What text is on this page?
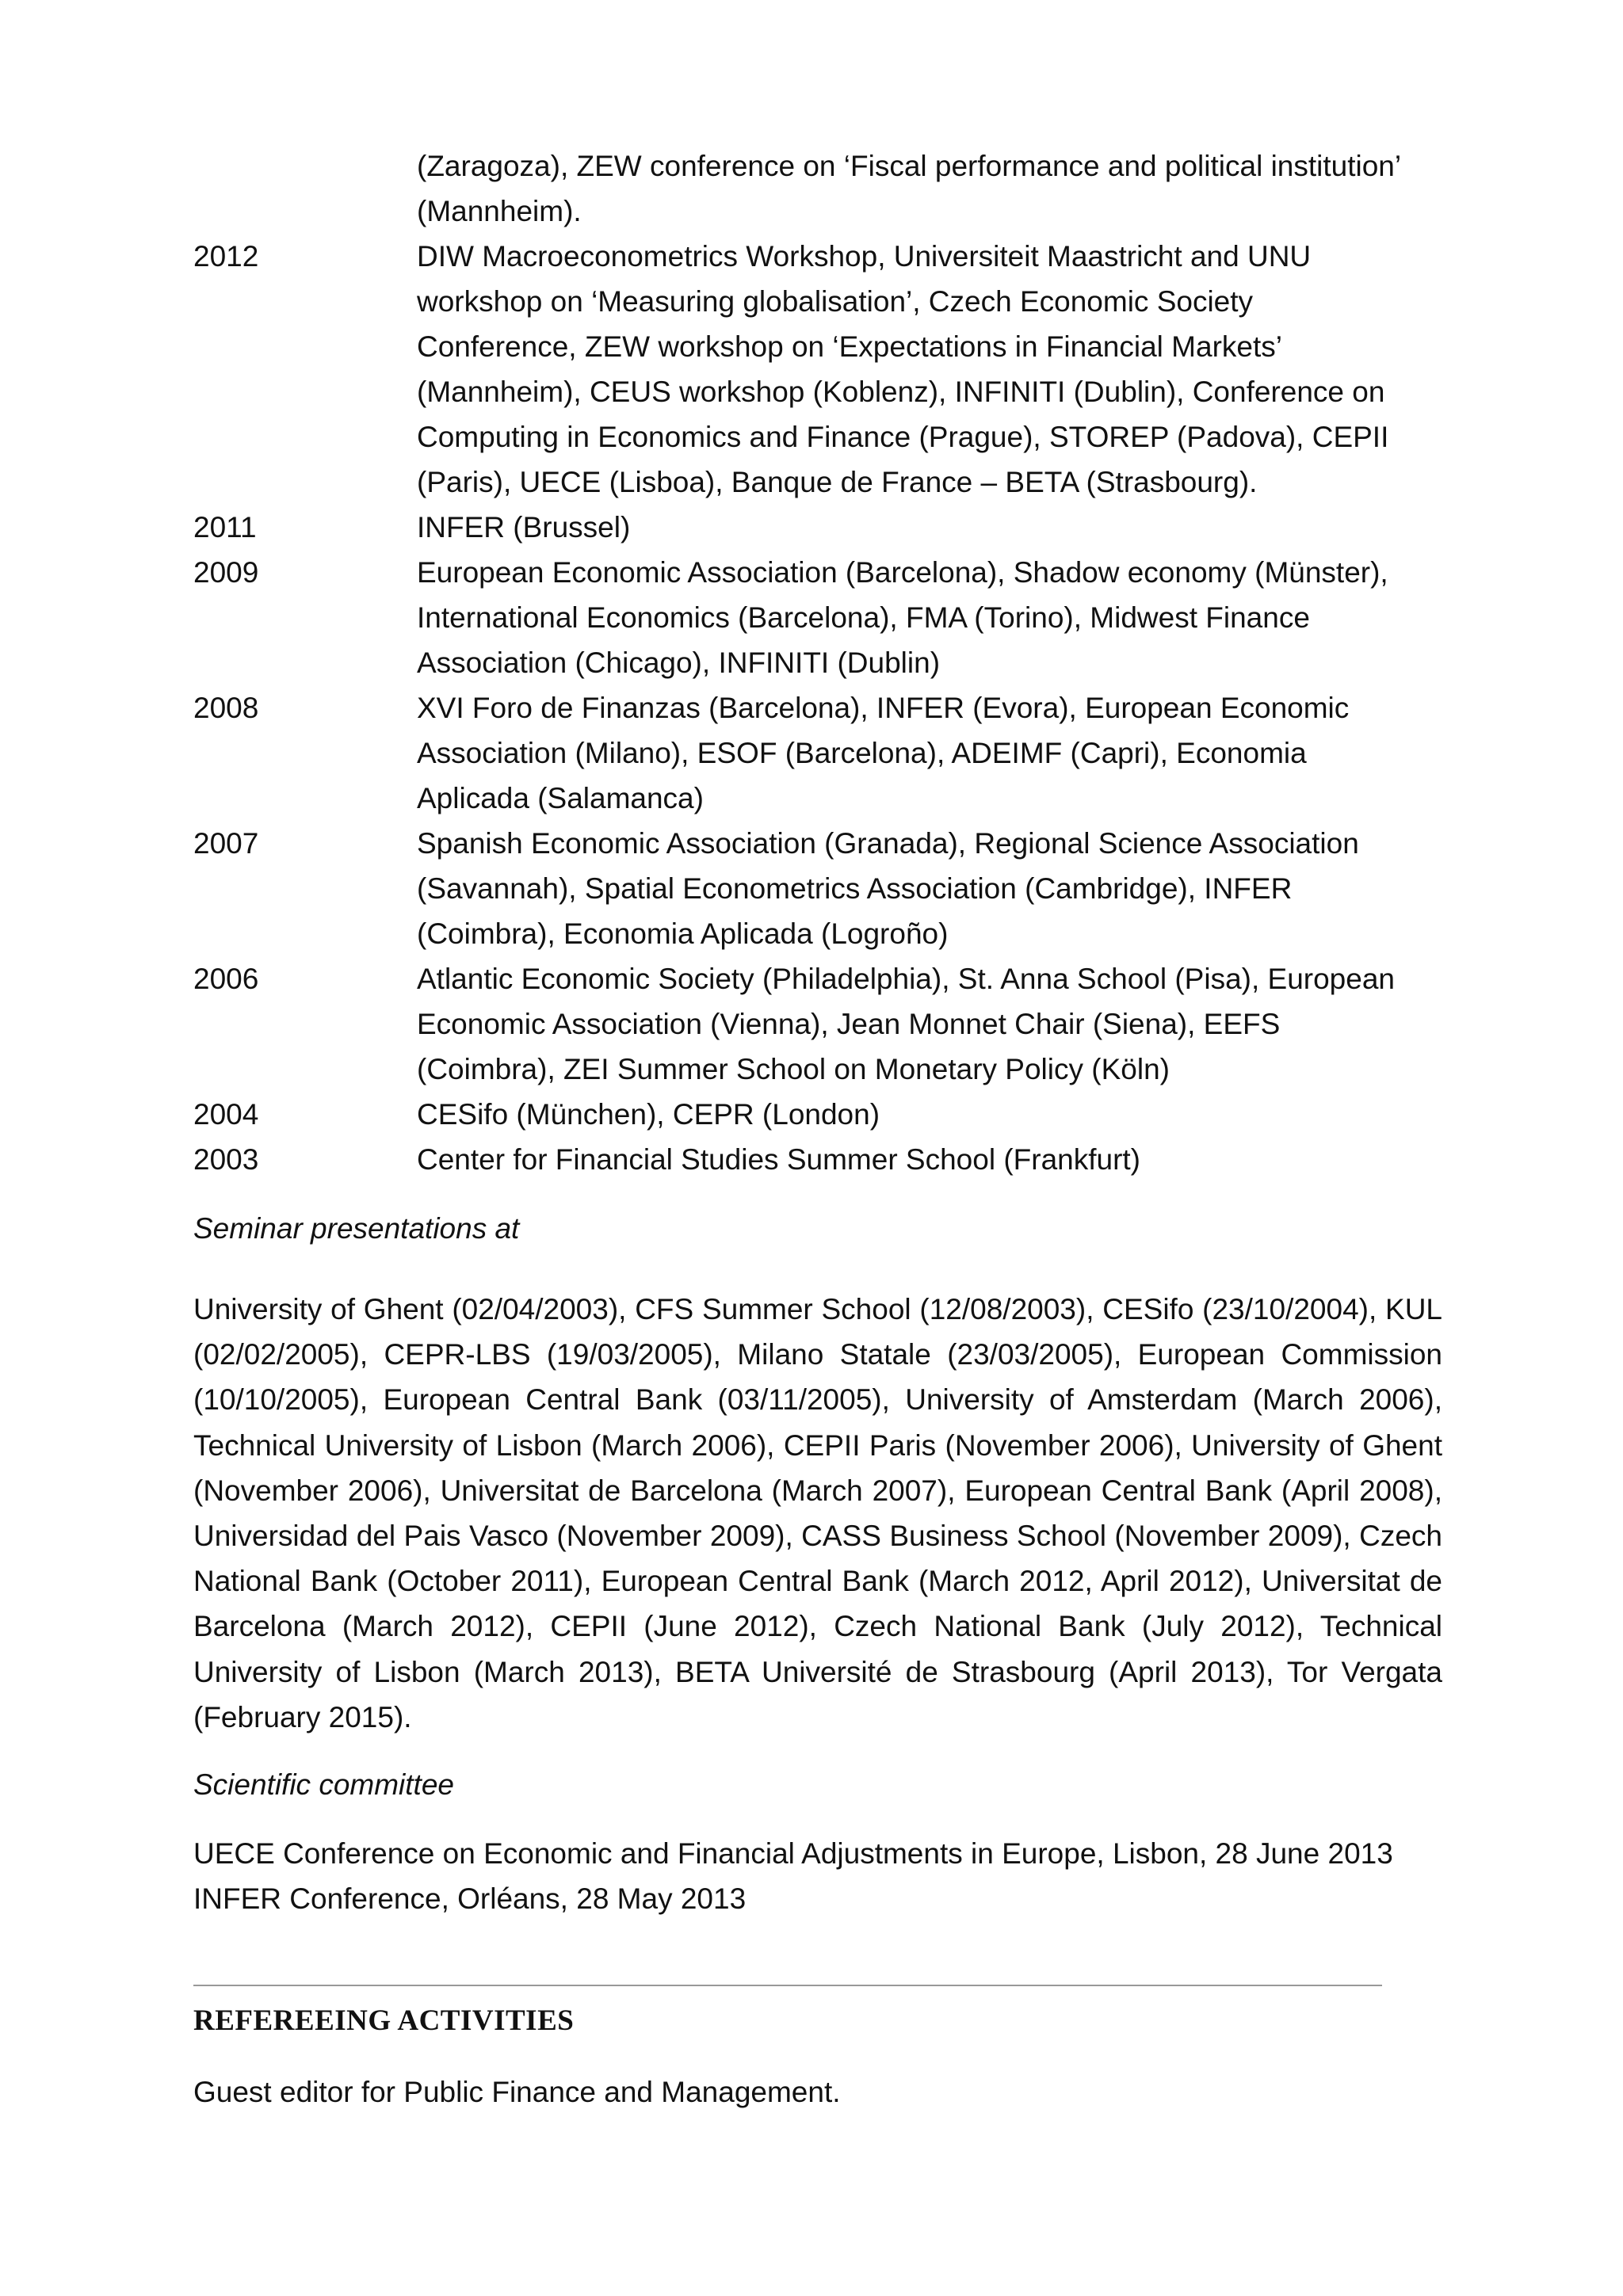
(Zaragoza), ZEW conference on ‘Fiscal performance and political institution’
(Mannheim).
2012	DIW Macroeconometrics Workshop, Universiteit Maastricht and UNU
workshop on ‘Measuring globalisation’, Czech Economic Society
Conference, ZEW workshop on ‘Expectations in Financial Markets’
(Mannheim), CEUS workshop (Koblenz), INFINITI (Dublin), Conference on
Computing in Economics and Finance (Prague), STOREP (Padova), CEPII
(Paris), UECE (Lisboa), Banque de France – BETA (Strasbourg).
2011	INFER (Brussel)
2009	European Economic Association (Barcelona), Shadow economy (Münster),
International Economics (Barcelona), FMA (Torino), Midwest Finance
Association (Chicago), INFINITI (Dublin)
2008	XVI Foro de Finanzas (Barcelona), INFER (Evora), European Economic
Association (Milano), ESOF (Barcelona), ADEIMF (Capri), Economia
Aplicada (Salamanca)
2007	Spanish Economic Association (Granada), Regional Science Association
(Savannah), Spatial Econometrics Association (Cambridge), INFER
(Coimbra), Economia Aplicada (Logroño)
2006	Atlantic Economic Society (Philadelphia), St. Anna School (Pisa), European
Economic Association (Vienna), Jean Monnet Chair (Siena), EEFS
(Coimbra), ZEI Summer School on Monetary Policy (Köln)
2004	CESifo (München), CEPR (London)
2003	Center for Financial Studies Summer School (Frankfurt)
Seminar presentations at
University of Ghent (02/04/2003), CFS Summer School (12/08/2003), CESifo (23/10/2004), KUL (02/02/2005), CEPR-LBS (19/03/2005), Milano Statale (23/03/2005), European Commission (10/10/2005), European Central Bank (03/11/2005), University of Amsterdam (March 2006), Technical University of Lisbon (March 2006), CEPII Paris (November 2006), University of Ghent (November 2006), Universitat de Barcelona (March 2007), European Central Bank (April 2008), Universidad del Pais Vasco (November 2009), CASS Business School (November 2009), Czech National Bank (October 2011), European Central Bank (March 2012, April 2012), Universitat de Barcelona (March 2012), CEPII (June 2012), Czech National Bank (July 2012), Technical University of Lisbon (March 2013), BETA Université de Strasbourg (April 2013), Tor Vergata (February 2015).
Scientific committee
UECE Conference on Economic and Financial Adjustments in Europe, Lisbon, 28 June 2013
INFER Conference, Orléans, 28 May 2013
REFEREEING ACTIVITIES
Guest editor for Public Finance and Management.
